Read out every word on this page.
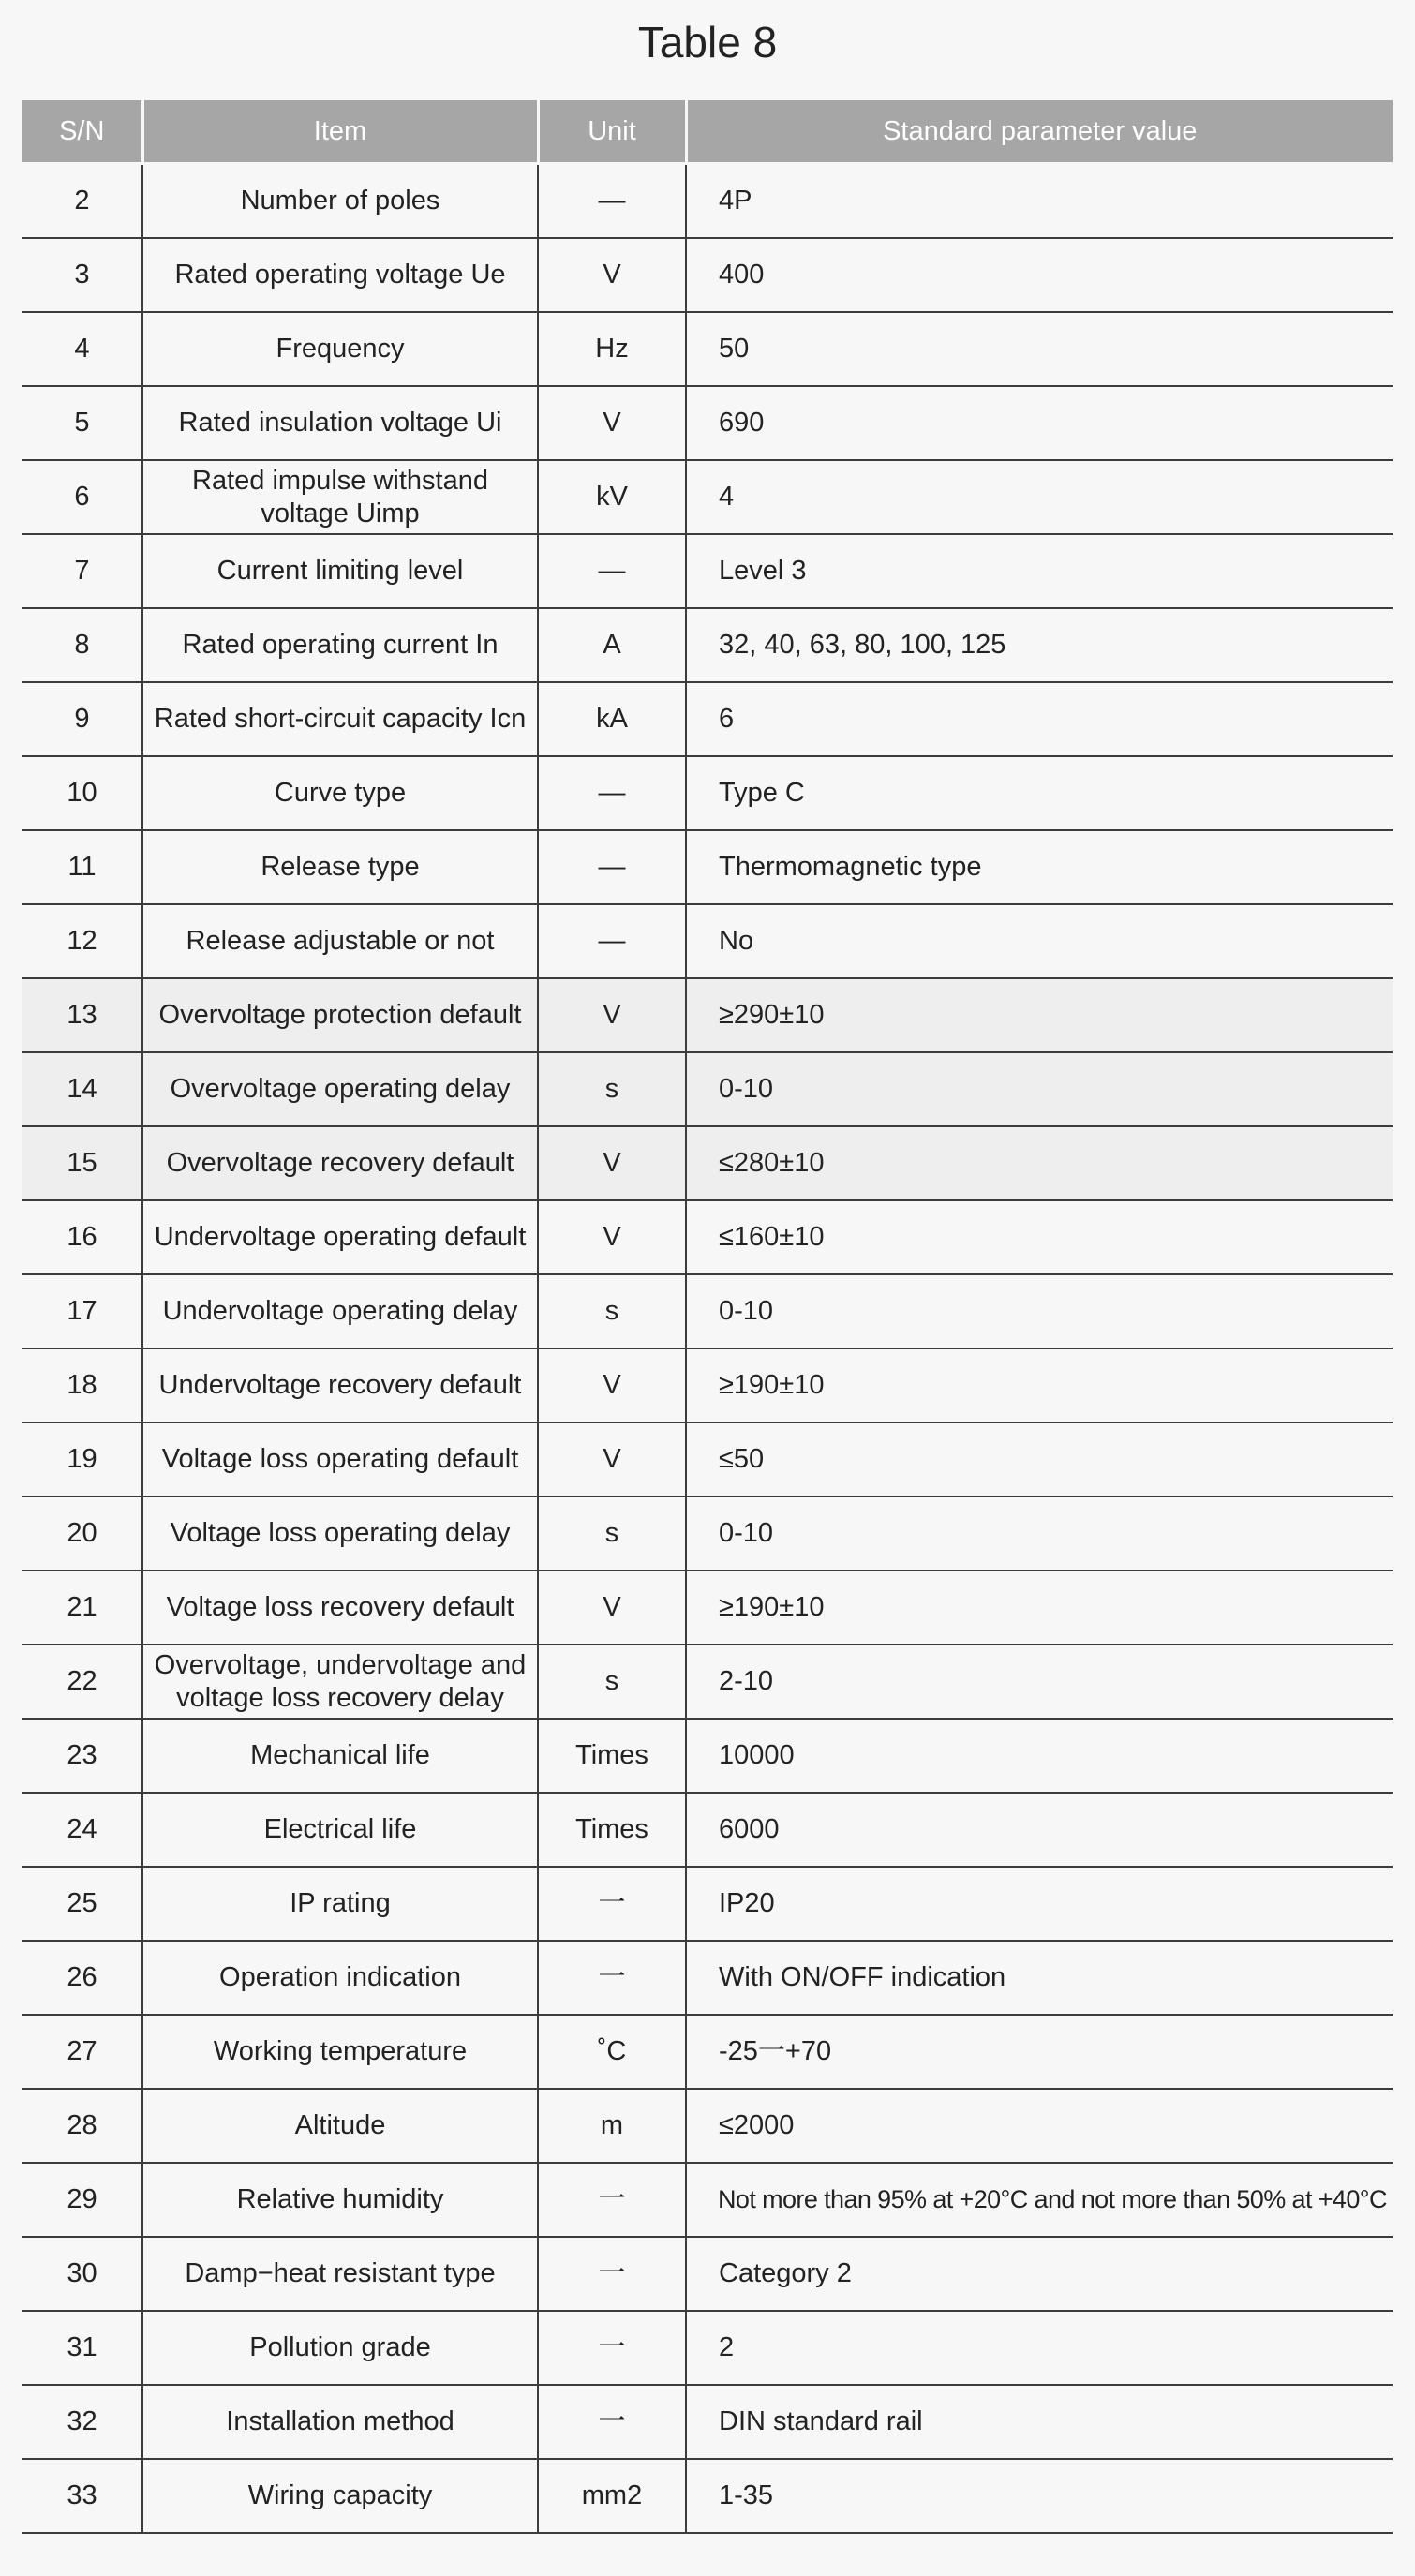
Table 8
S/N	Item	Unit	Standard parameter value
2	Number of poles	—	4P
3	Rated operating voltage Ue	V	400
4	Frequency	Hz	50
5	Rated insulation voltage Ui	V	690
6	Rated impulse withstand voltage Uimp	kV	4
7	Current limiting level	—	Level 3
8	Rated operating current In	A	32, 40, 63, 80, 100, 125
9	Rated short-circuit capacity Icn	kA	6
10	Curve type	—	Type C
11	Release type	—	Thermomagnetic type
12	Release adjustable or not	—	No
13	Overvoltage protection default	V	≥290±10
14	Overvoltage operating delay	s	0-10
15	Overvoltage recovery default	V	≤280±10
16	Undervoltage operating default	V	≤160±10
17	Undervoltage operating delay	s	0-10
18	Undervoltage recovery default	V	≥190±10
19	Voltage loss operating default	V	≤50
20	Voltage loss operating delay	s	0-10
21	Voltage loss recovery default	V	≥190±10
22	Overvoltage, undervoltage and voltage loss recovery delay	s	2-10
23	Mechanical life	Times	10000
24	Electrical life	Times	6000
25	IP rating	一	IP20
26	Operation indication	一	With ON/OFF indication
27	Working temperature	˚C	-25一+70
28	Altitude	m	≤2000
29	Relative humidity	一	Not more than 95% at +20°C and not more than 50% at +40°C
30	Damp−heat resistant type	一	Category 2
31	Pollution grade	一	2
32	Installation method	一	DIN standard rail
33	Wiring capacity	mm2	1-35
